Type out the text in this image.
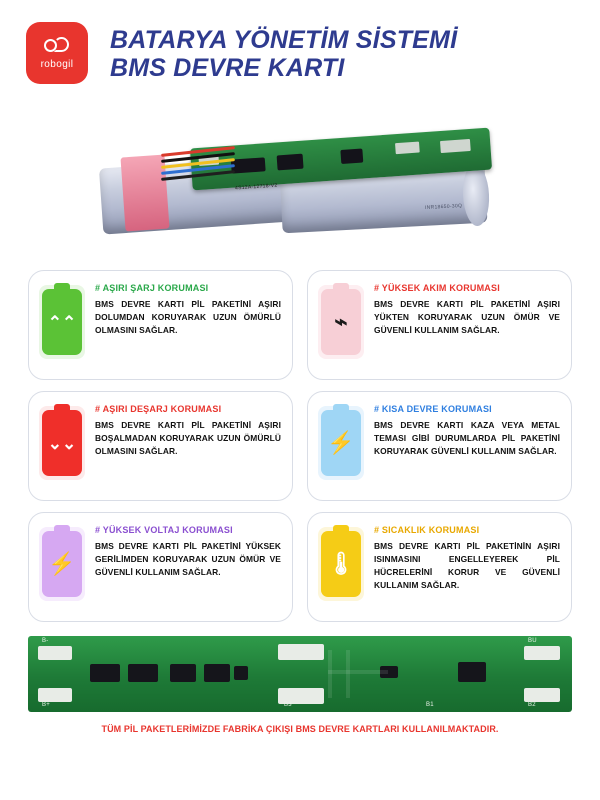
robogil
BATARYA YÖNETİM SİSTEMİ
BMS DEVRE KARTI
4S12A-12718-V2
INR18650-30Q
⌃⌃
# AŞIRI ŞARJ KORUMASI
BMS DEVRE KARTI PİL PAKETİNİ AŞIRI DOLUMDAN KORUYARAK UZUN ÖMÜRLÜ OLMASINI SAĞLAR.	⌁
# YÜKSEK AKIM KORUMASI
BMS DEVRE KARTI PİL PAKETİNİ AŞIRI YÜKTEN KORUYARAK UZUN ÖMÜR VE GÜVENLİ KULLANIM SAĞLAR.
⌄⌄
# AŞIRI DEŞARJ KORUMASI
BMS DEVRE KARTI PİL PAKETİNİ AŞIRI BOŞALMADAN KORUYARAK UZUN ÖMÜRLÜ OLMASINI SAĞLAR.	⚡
# KISA DEVRE KORUMASI
BMS DEVRE KARTI KAZA VEYA METAL TEMASI GİBİ DURUMLARDA PİL PAKETİNİ KORUYARAK GÜVENLİ KULLANIM SAĞLAR.
⚡
# YÜKSEK VOLTAJ KORUMASI
BMS DEVRE KARTI PİL PAKETİNİ YÜKSEK GERİLİMDEN KORUYARAK UZUN ÖMÜR VE GÜVENLİ KULLANIM SAĞLAR.	🌡
# SICAKLIK KORUMASI
BMS DEVRE KARTI PİL PAKETİNİN AŞIRI ISINMASINI ENGELLEYEREK PİL HÜCRELERİNİ KORUR VE GÜVENLİ KULLANIM SAĞLAR.
B-
B+	B3
BU
B2
B1
TÜM PİL PAKETLERİMİZDE FABRİKA ÇIKIŞI BMS DEVRE KARTLARI KULLANILMAKTADIR.
